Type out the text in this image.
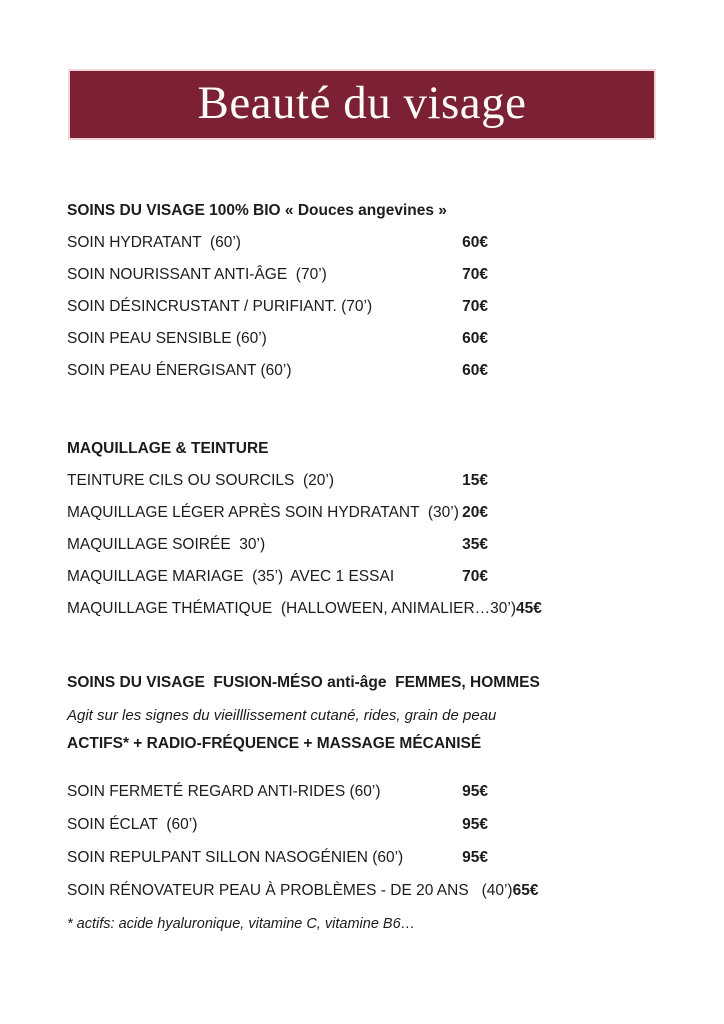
Beauté du visage
SOINS DU VISAGE 100% BIO « Douces angevines »
SOIN HYDRATANT  (60’)	60€
SOIN NOURISSANT ANTI-ÂGE  (70’)	70€
SOIN DÉSINCRUSTANT / PURIFIANT. (70’)	70€
SOIN PEAU SENSIBLE (60’)	60€
SOIN PEAU ÉNERGISANT (60’)	60€
MAQUILLAGE & TEINTURE
TEINTURE CILS OU SOURCILS  (20’)	15€
MAQUILLAGE LÉGER APRÈS SOIN HYDRATANT  (30’) 20€
MAQUILLAGE SOIRÉE  30’)	35€
MAQUILLAGE MARIAGE  (35’) AVEC 1 ESSAI	70€
MAQUILLAGE THÉMATIQUE  (HALLOWEEN, ANIMALIER…30’) 45€
SOINS DU VISAGE  FUSION-MÉSO anti-âge  FEMMES, HOMMES
Agit sur les signes du vieilllissement cutané, rides, grain de peau
ACTIFS* + RADIO-FRÉQUENCE + MASSAGE MÉCANISÉ
SOIN FERMETÉ REGARD ANTI-RIDES (60’)	95€
SOIN ÉCLAT  (60’)	95€
SOIN REPULPANT SILLON NASOGÉNIEN (60’)	95€
SOIN RÉNOVATEUR PEAU À PROBLÈMES - DE 20 ANS   (40’) 65€
* actifs: acide hyaluronique, vitamine C, vitamine B6…
